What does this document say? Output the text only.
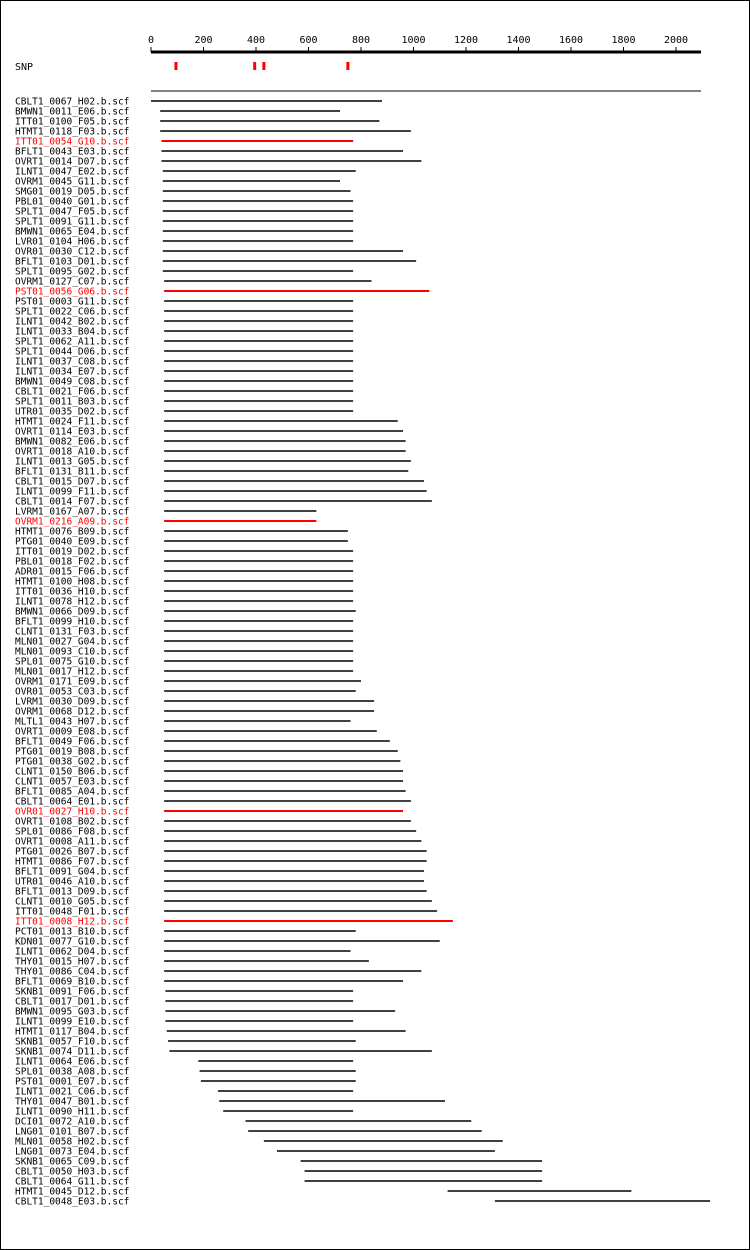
0	200	400	600	800	1000	1200	1400	1600	1800	2000
SNP
CBLT1_0067_H02.b.scf
BMWN1_0011_E06.b.scf
ITT01_0100_F05.b.scf
HTMT1_0118_F03.b.scf
ITT01_0054_G10.b.scf
BFLT1_0043_E03.b.scf
OVRT1_0014_D07.b.scf
ILNT1_0047_E02.b.scf
OVRM1_0045_G11.b.scf
SMG01_0019_D05.b.scf
PBL01_0040_G01.b.scf
SPLT1_0047_F05.b.scf
SPLT1_0091_G11.b.scf
BMWN1_0065_E04.b.scf
LVR01_0104_H06.b.scf
OVR01_0030_C12.b.scf
BFLT1_0103_D01.b.scf
SPLT1_0095_G02.b.scf
OVRM1_0127_C07.b.scf
PST01_0056_G06.b.scf
PST01_0003_G11.b.scf
SPLT1_0022_C06.b.scf
ILNT1_0042_B02.b.scf
ILNT1_0033_B04.b.scf
SPLT1_0062_A11.b.scf
SPLT1_0044_D06.b.scf
ILNT1_0037_C08.b.scf
ILNT1_0034_E07.b.scf
BMWN1_0049_C08.b.scf
CBLT1_0021_F06.b.scf
SPLT1_0011_B03.b.scf
UTR01_0035_D02.b.scf
HTMT1_0024_F11.b.scf
OVRT1_0114_E03.b.scf
BMWN1_0082_E06.b.scf
OVRT1_0018_A10.b.scf
ILNT1_0013_G05.b.scf
BFLT1_0131_B11.b.scf
CBLT1_0015_D07.b.scf
ILNT1_0099_F11.b.scf
CBLT1_0014_F07.b.scf
LVRM1_0167_A07.b.scf
OVRM1_0216_A09.b.scf
HTMT1_0076_B09.b.scf
PTG01_0040_E09.b.scf
ITT01_0019_D02.b.scf
PBL01_0018_F02.b.scf
ADR01_0015_F06.b.scf
HTMT1_0100_H08.b.scf
ITT01_0036_H10.b.scf
ILNT1_0078_H12.b.scf
BMWN1_0066_D09.b.scf
BFLT1_0099_H10.b.scf
CLNT1_0131_F03.b.scf
MLN01_0027_G04.b.scf
MLN01_0093_C10.b.scf
SPL01_0075_G10.b.scf
MLN01_0017_H12.b.scf
OVRM1_0171_E09.b.scf
OVR01_0053_C03.b.scf
LVRM1_0030_D09.b.scf
OVRM1_0068_D12.b.scf
MLTL1_0043_H07.b.scf
OVRT1_0009_E08.b.scf
BFLT1_0049_F06.b.scf
PTG01_0019_B08.b.scf
PTG01_0038_G02.b.scf
CLNT1_0150_B06.b.scf
CLNT1_0057_E03.b.scf
BFLT1_0085_A04.b.scf
CBLT1_0064_E01.b.scf
OVR01_0027_H10.b.scf
OVRT1_0108_B02.b.scf
SPL01_0086_F08.b.scf
OVRT1_0008_A11.b.scf
PTG01_0026_B07.b.scf
HTMT1_0086_F07.b.scf
BFLT1_0091_G04.b.scf
UTR01_0046_A10.b.scf
BFLT1_0013_D09.b.scf
CLNT1_0010_G05.b.scf
ITT01_0048_F01.b.scf
ITT01_0008_H12.b.scf
PCT01_0013_B10.b.scf
KDN01_0077_G10.b.scf
ILNT1_0062_D04.b.scf
THY01_0015_H07.b.scf
THY01_0086_C04.b.scf
BFLT1_0069_B10.b.scf
SKNB1_0091_F06.b.scf
CBLT1_0017_D01.b.scf
BMWN1_0095_G03.b.scf
ILNT1_0099_E10.b.scf
HTMT1_0117_B04.b.scf
SKNB1_0057_F10.b.scf
SKNB1_0074_D11.b.scf
ILNT1_0064_E06.b.scf
SPL01_0038_A08.b.scf
PST01_0001_E07.b.scf
ILNT1_0021_C06.b.scf
THY01_0047_B01.b.scf
ILNT1_0090_H11.b.scf
DCI01_0072_A10.b.scf
LNG01_0101_B07.b.scf
MLN01_0058_H02.b.scf
LNG01_0073_E04.b.scf
SKNB1_0065_C09.b.scf
CBLT1_0050_H03.b.scf
CBLT1_0064_G11.b.scf
HTMT1_0045_D12.b.scf
CBLT1_0048_E03.b.scf
